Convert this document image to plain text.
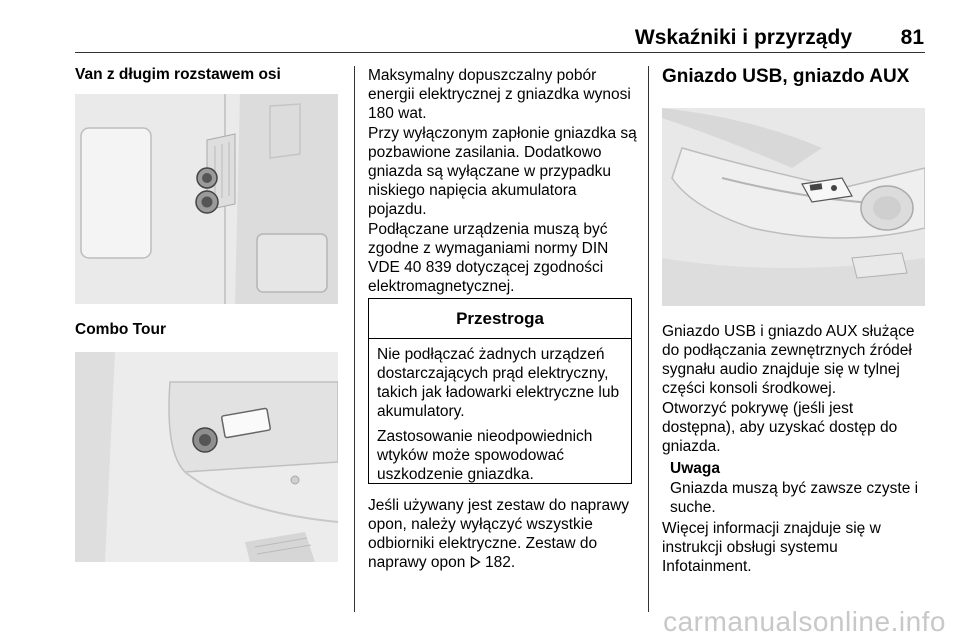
Wskaźniki i przyrządy	81
Van z długim rozstawem osi
Combo Tour

Maksymalny dopuszczalny pobór energii elektrycznej z gniazdka wynosi 180 wat.

Przy wyłączonym zapłonie gniazdka są pozbawione zasilania. Dodatkowo gniazda są wyłączane w przypadku niskiego napięcia akumulatora pojazdu.

Podłączane urządzenia muszą być zgodne z wymaganiami normy DIN VDE 40 839 dotyczącej zgodności elektromagnetycznej.

Przestroga

Nie podłączać żadnych urządzeń dostarczających prąd elektryczny, takich jak ładowarki elektryczne lub akumulatory.

Zastosowanie nieodpowiednich wtyków może spowodować uszkodzenie gniazdka.

Jeśli używany jest zestaw do naprawy opon, należy wyłączyć wszystkie odbiorniki elektryczne. Zestaw do naprawy opon 182.

Gniazdo USB, gniazdo AUX

Gniazdo USB i gniazdo AUX służące do podłączania zewnętrznych źródeł sygnału audio znajduje się w tylnej części konsoli środkowej.

Otworzyć pokrywę (jeśli jest dostępna), aby uzyskać dostęp do gniazda.

Uwaga

Gniazda muszą być zawsze czyste i suche.

Więcej informacji znajduje się w instrukcji obsługi systemu Infotainment.

carmanualsonline.info
